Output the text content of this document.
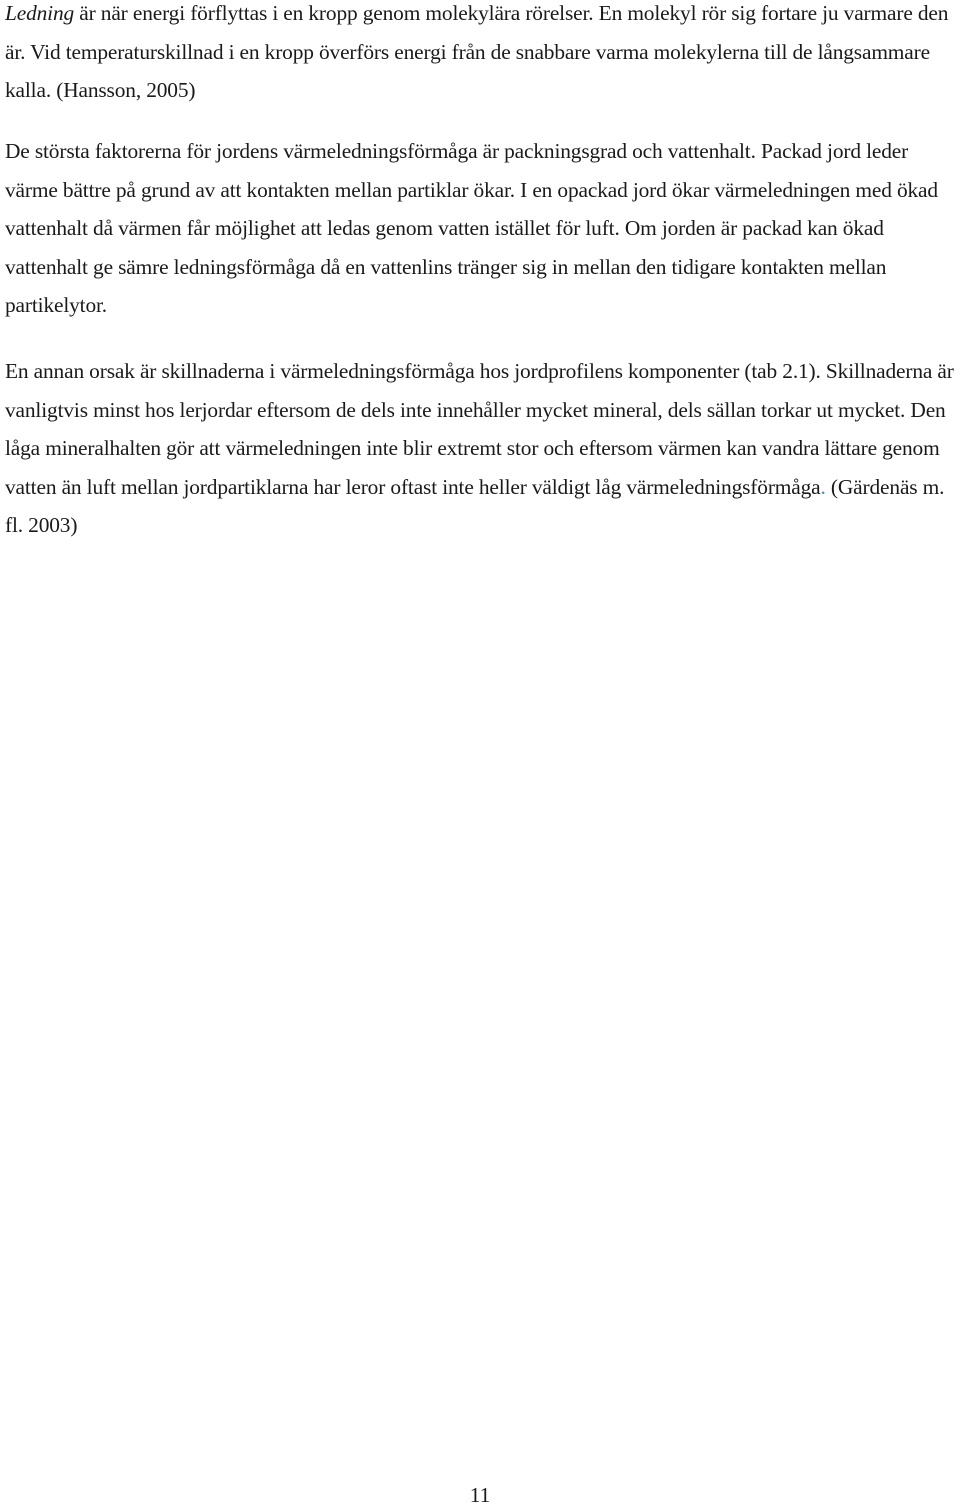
Ledning är när energi förflyttas i en kropp genom molekylära rörelser. En molekyl rör sig fortare ju varmare den är. Vid temperaturskillnad i en kropp överförs energi från de snabbare varma molekylerna till de långsammare kalla. (Hansson, 2005)

De största faktorerna för jordens värmeledningsförmåga är packningsgrad och vattenhalt. Packad jord leder värme bättre på grund av att kontakten mellan partiklar ökar. I en opackad jord ökar värmeledningen med ökad vattenhalt då värmen får möjlighet att ledas genom vatten istället för luft. Om jorden är packad kan ökad vattenhalt ge sämre ledningsförmåga då en vattenlins tränger sig in mellan den tidigare kontakten mellan partikelytor.

En annan orsak är skillnaderna i värmeledningsförmåga hos jordprofilens komponenter (tab 2.1). Skillnaderna är vanligtvis minst hos lerjordar eftersom de dels inte innehåller mycket mineral, dels sällan torkar ut mycket. Den låga mineralhalten gör att värmeledningen inte blir extremt stor och eftersom värmen kan vandra lättare genom vatten än luft mellan jordpartiklarna har leror oftast inte heller väldigt låg värmeledningsförmåga. (Gärdenäs m. fl. 2003)

11
